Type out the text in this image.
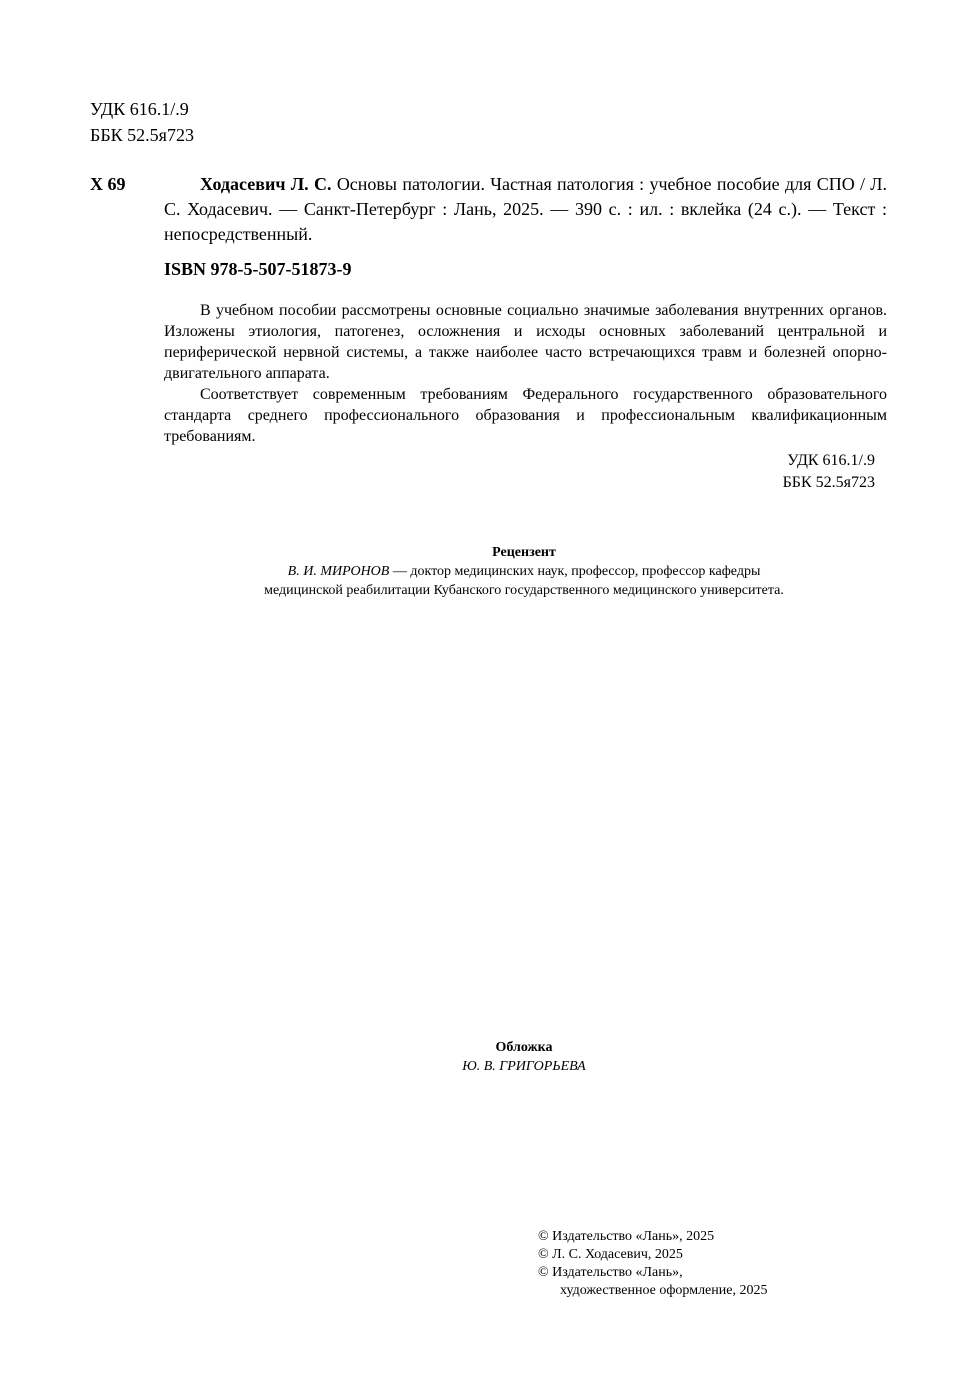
УДК 616.1/.9
ББК 52.5я723
Х 69	Ходасевич Л. С. Основы патологии. Частная патология : учебное пособие для СПО / Л. С. Ходасевич. — Санкт-Петербург : Лань, 2025. — 390 с. : ил. : вклейка (24 с.). — Текст : непосредственный.
ISBN 978-5-507-51873-9

В учебном пособии рассмотрены основные социально значимые заболевания внутренних органов. Изложены этиология, патогенез, осложнения и исходы основных заболеваний центральной и периферической нервной системы, а также наиболее часто встречающихся травм и болезней опорно-двигательного аппарата.

Соответствует современным требованиям Федерального государственного образовательного стандарта среднего профессионального образования и профессиональным квалификационным требованиям.

УДК 616.1/.9
ББК 52.5я723
Рецензент
В. И. МИРОНОВ — доктор медицинских наук, профессор, профессор кафедры
медицинской реабилитации Кубанского государственного медицинского университета.
Обложка
Ю. В. ГРИГОРЬЕВА
© Издательство «Лань», 2025
© Л. С. Ходасевич, 2025
© Издательство «Лань»,
художественное оформление, 2025
